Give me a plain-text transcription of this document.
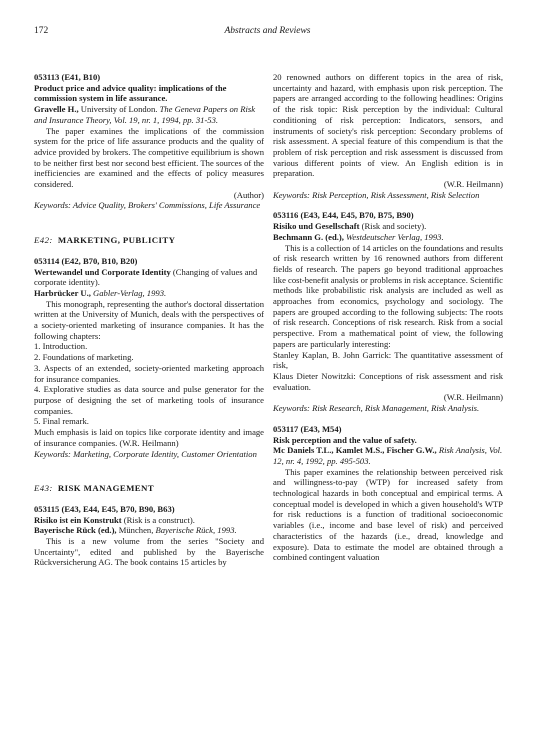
172	Abstracts and Reviews

053113 (E41, B10)

Product price and advice quality: implications of the commission system in life assurance.

Gravelle H., University of London. The Geneva Papers on Risk and Insurance Theory, Vol. 19, nr. 1, 1994, pp. 31-53.

The paper examines the implications of the commission system for the price of life assurance products and the quality of advice provided by brokers. The competitive equilibrium is shown to be neither first best nor second best efficient. The sources of the inefficiencies are examined and the effects of policy measures considered.

(Author)

Keywords: Advice Quality, Brokers' Commissions, Life Assurance

E42: MARKETING, PUBLICITY

053114 (E42, B70, B10, B20)

Wertewandel und Corporate Identity (Changing of values and corporate identity).

Harbrücker U., Gabler-Verlag, 1993.

This monograph, representing the author's doctoral dissertation written at the University of Munich, deals with the perspectives of a society-oriented marketing of insurance companies. It has the following chapters:

1. Introduction.

2. Foundations of marketing.

3. Aspects of an extended, society-oriented marketing approach for insurance companies.

4. Explorative studies as data source and pulse generator for the purpose of designing the set of marketing tools of insurance companies.

5. Final remark.

Much emphasis is laid on topics like corporate identity and image of insurance companies. (W.R. Heilmann)

Keywords: Marketing, Corporate Identity, Customer Orientation

E43: RISK MANAGEMENT

053115 (E43, E44, E45, B70, B90, B63)

Risiko ist ein Konstrukt (Risk is a construct).

Bayerische Rück (ed.), München, Bayerische Rück, 1993.

This is a new volume from the series "Society and Uncertainty", edited and published by the Bayerische Rückversicherung AG. The book contains 15 articles by

20 renowned authors on different topics in the area of risk, uncertainty and hazard, with emphasis upon risk perception. The papers are arranged according to the following headlines: Origins of the risk topic: Risk perception by the individual: Cultural conditioning of risk perception: Indicators, sensors, and instruments of society's risk perception: Secondary problems of risk assessment. A special feature of this compendium is that the problem of risk perception and risk assessment is discussed from various different points of view. An English edition is in preparation.

(W.R. Heilmann)

Keywords: Risk Perception, Risk Assessment, Risk Selection

053116 (E43, E44, E45, B70, B75, B90)

Risiko und Gesellschaft (Risk and society).

Bechmann G. (ed.), Westdeutscher Verlag, 1993.

This is a collection of 14 articles on the foundations and results of risk research written by 16 renowned authors from different fields of research. The papers go beyond traditional approaches like cost-benefit analysis or problems in risk acceptance. Scientific methods like probabilistic risk analysis are included as well as approaches from economics, psychology and sociology. The papers are grouped according to the following subjects: The roots of risk research. Conceptions of risk research. Risk from a social perspective. From a mathematical point of view, the following papers are particularly interesting:

Stanley Kaplan, B. John Garrick: The quantitative assessment of risk,

Klaus Dieter Nowitzki: Conceptions of risk assessment and risk evaluation.

(W.R. Heilmann)

Keywords: Risk Research, Risk Management, Risk Analysis.

053117 (E43, M54)

Risk perception and the value of safety.

Mc Daniels T.L., Kamlet M.S., Fischer G.W., Risk Analysis, Vol. 12, nr. 4, 1992, pp. 495-503.

This paper examines the relationship between perceived risk and willingness-to-pay (WTP) for increased safety from technological hazards in both conceptual and empirical terms. A conceptual model is developed in which a given household's WTP for risk reductions is a function of traditional socioeconomic variables (i.e., income and base level of risk) and perceived characteristics of the hazards (i.e., dread, knowledge and exposure). Data to estimate the model are obtained through a combined contingent valuation
